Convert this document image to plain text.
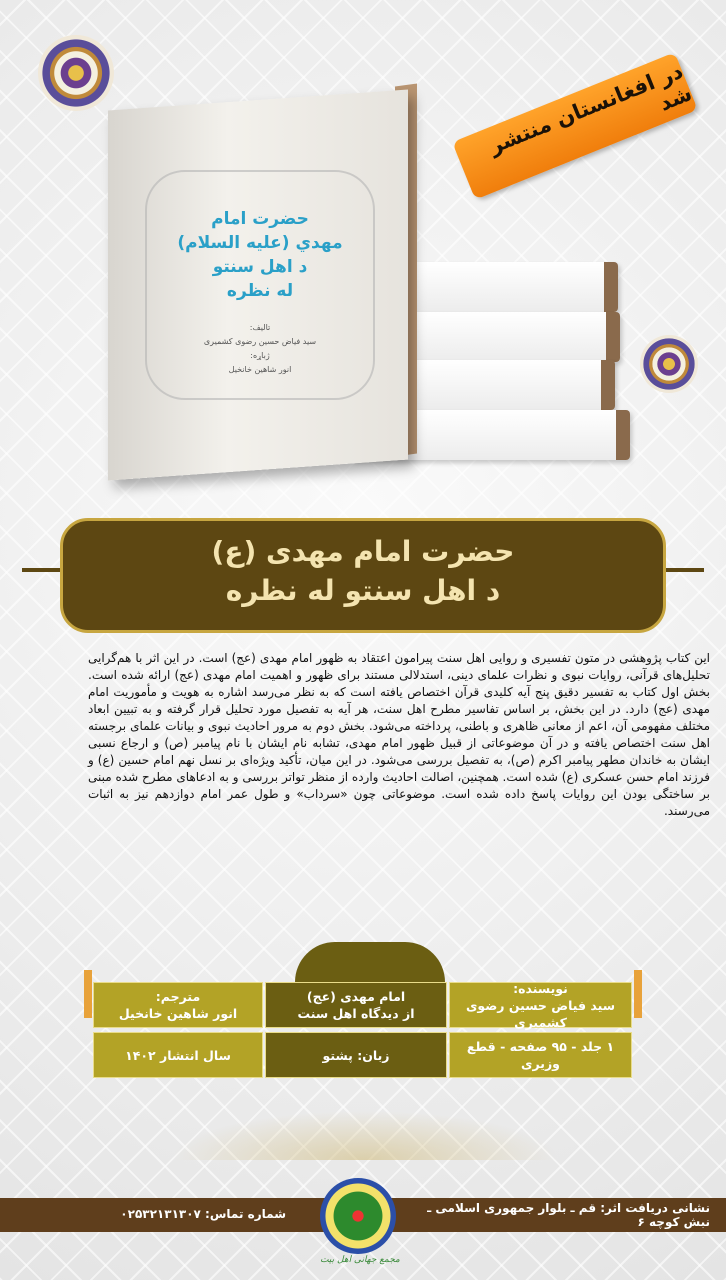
حضرت امام
مهدي (عليه السلام)
د اهل سنتو
له نظره
تالیف:
سید فیاض حسین رضوی کشمیری
ژباړه:
انور شاهین خانخیل
در افغانستان منتشر شد
حضرت امام مهدی (ع)
د اهل سنتو له نظره
این کتاب پژوهشی در متون تفسیری و روایی اهل سنت پیرامون اعتقاد به ظهور امام مهدی (عج) است. در این اثر با هم‌گرایی تحلیل‌های قرآنی، روایات نبوی و نظرات علمای دینی، استدلالی مستند برای ظهور و اهمیت امام مهدی (عج) ارائه شده است. بخش اول کتاب به تفسیر دقیق پنج آیه کلیدی قرآن اختصاص یافته است که به نظر می‌رسد اشاره به هویت و مأموریت امام مهدی (عج) دارد. در این بخش، بر اساس تفاسیر مطرح اهل سنت، هر آیه به تفصیل مورد تحلیل قرار گرفته و به تبیین ابعاد مختلف مفهومی آن، اعم از معانی ظاهری و باطنی، پرداخته می‌شود. بخش دوم به مرور احادیث نبوی و بیانات علمای برجسته اهل سنت اختصاص یافته و در آن موضوعاتی از قبیل ظهور امام مهدی، تشابه نام ایشان با نام پیامبر (ص) و ارجاع نسبی ایشان به خاندان مطهر پیامبر اکرم (ص)، به تفصیل بررسی می‌شود. در این میان، تأکید ویژه‌ای بر نسل نهم امام حسین (ع) و فرزند امام حسن عسکری (ع) شده است. همچنین، اصالت احادیث وارده از منظر تواتر بررسی و به ادعاهای مطرح شده مبنی بر ساختگی بودن این روایات پاسخ داده شده است. موضوعاتی چون «سرداب» و طول عمر امام دوازدهم نیز به اثبات می‌رسند.
مترجم:
انور شاهین خانخیل
امام مهدی (عج)
از دیدگاه اهل سنت
نویسنده:
سید فیاض حسین رضوی کشمیری
سال انتشار ۱۴۰۲	زبان: پشتو
۱ جلد - ۹۵ صفحه - قطع وزیری
نشانی دریافت اثر: قم ـ بلوار جمهوری اسلامی ـ نبش کوچه ۶
شماره تماس: ۰۲۵۳۲۱۳۱۳۰۷
مجمع جهانی اهل بیت
